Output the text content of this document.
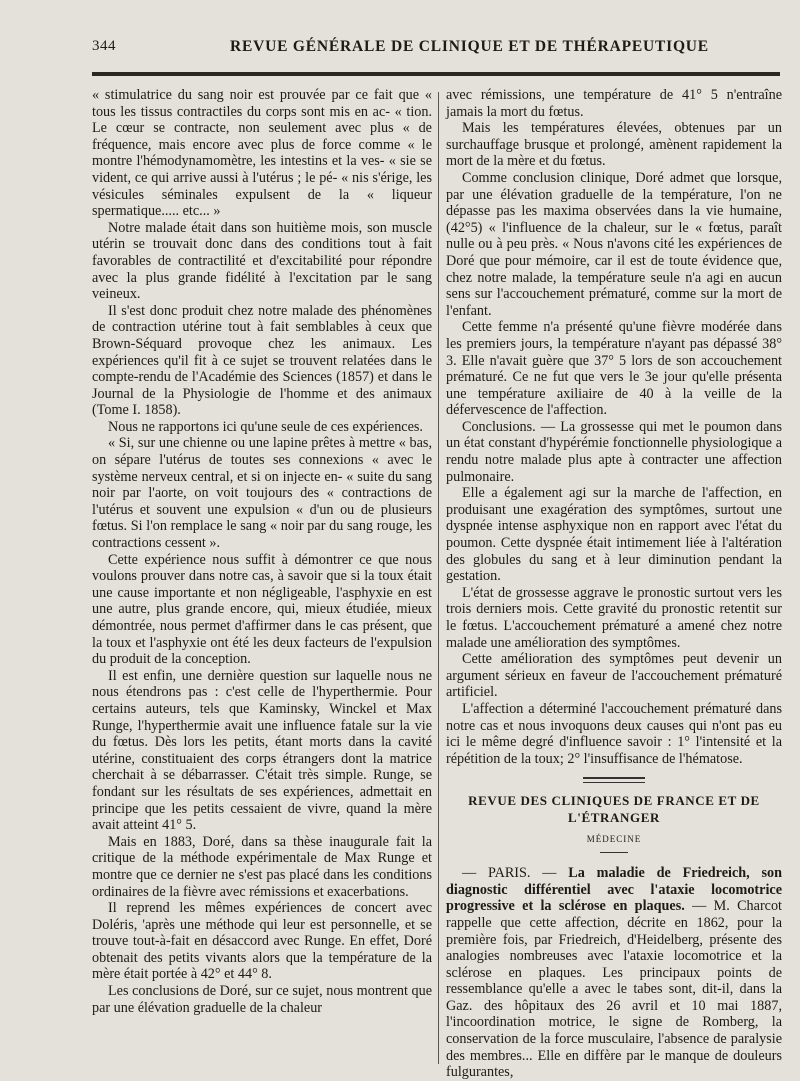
344	REVUE GÉNÉRALE DE CLINIQUE ET DE THÉRAPEUTIQUE

« stimulatrice du sang noir est prouvée par ce fait que « tous les tissus contractiles du corps sont mis en ac- « tion. Le cœur se contracte, non seulement avec plus « de fréquence, mais encore avec plus de force comme « le montre l'hémodynamomètre, les intestins et la ves- « sie se vident, ce qui arrive aussi à l'utérus ; le pé- « nis s'érige, les vésicules séminales expulsent de la « liqueur spermatique..... etc... »

Notre malade était dans son huitième mois, son muscle utérin se trouvait donc dans des conditions tout à fait favorables de contractilité et d'excitabilité pour répondre avec la plus grande fidélité à l'excitation par le sang veineux.

Il s'est donc produit chez notre malade des phénomènes de contraction utérine tout à fait semblables à ceux que Brown-Séquard provoque chez les animaux. Les expériences qu'il fit à ce sujet se trouvent relatées dans le compte-rendu de l'Académie des Sciences (1857) et dans le Journal de la Physiologie de l'homme et des animaux (Tome I. 1858).

Nous ne rapportons ici qu'une seule de ces expériences.

« Si, sur une chienne ou une lapine prêtes à mettre « bas, on sépare l'utérus de toutes ses connexions « avec le système nerveux central, et si on injecte en- « suite du sang noir par l'aorte, on voit toujours des « contractions de l'utérus et souvent une expulsion « d'un ou de plusieurs fœtus. Si l'on remplace le sang « noir par du sang rouge, les contractions cessent ».

Cette expérience nous suffit à démontrer ce que nous voulons prouver dans notre cas, à savoir que si la toux était une cause importante et non négligeable, l'asphyxie en est une autre, plus grande encore, qui, mieux étudiée, mieux démontrée, nous permet d'affirmer dans le cas présent, que la toux et l'asphyxie ont été les deux facteurs de l'expulsion du produit de la conception.

Il est enfin, une dernière question sur laquelle nous ne nous étendrons pas : c'est celle de l'hyperthermie. Pour certains auteurs, tels que Kaminsky, Winckel et Max Runge, l'hyperthermie avait une influence fatale sur la vie du fœtus. Dès lors les petits, étant morts dans la cavité utérine, constituaient des corps étrangers dont la matrice cherchait à se débarrasser. C'était très simple. Runge, se fondant sur les résultats de ses expériences, admettait en principe que les petits cessaient de vivre, quand la mère avait atteint 41° 5.

Mais en 1883, Doré, dans sa thèse inaugurale fait la critique de la méthode expérimentale de Max Runge et montre que ce dernier ne s'est pas placé dans les conditions ordinaires de la fièvre avec rémissions et exacerbations.

Il reprend les mêmes expériences de concert avec Doléris, 'après une méthode qui leur est personnelle, et se trouve tout-à-fait en désaccord avec Runge. En effet, Doré obtenait des petits vivants alors que la température de la mère était portée à 42° et 44° 8.

Les conclusions de Doré, sur ce sujet, nous montrent que par une élévation graduelle de la chaleur

avec rémissions, une température de 41° 5 n'entraîne jamais la mort du fœtus.

Mais les températures élevées, obtenues par un surchauffage brusque et prolongé, amènent rapidement la mort de la mère et du fœtus.

Comme conclusion clinique, Doré admet que lorsque, par une élévation graduelle de la température, l'on ne dépasse pas les maxima observées dans la vie humaine, (42°5) « l'influence de la chaleur, sur le « fœtus, paraît nulle ou à peu près. « Nous n'avons cité les expériences de Doré que pour mémoire, car il est de toute évidence que, chez notre malade, la température seule n'a agi en aucun sens sur l'accouchement prématuré, comme sur la mort de l'enfant.

Cette femme n'a présenté qu'une fièvre modérée dans les premiers jours, la température n'ayant pas dépassé 38° 3. Elle n'avait guère que 37° 5 lors de son accouchement prématuré. Ce ne fut que vers le 3e jour qu'elle présenta une température axiliaire de 40 à la veille de la défervescence de l'affection.

Conclusions. — La grossesse qui met le poumon dans un état constant d'hypérémie fonctionnelle physiologique a rendu notre malade plus apte à contracter une affection pulmonaire.

Elle a également agi sur la marche de l'affection, en produisant une exagération des symptômes, surtout une dyspnée intense asphyxique non en rapport avec l'état du poumon. Cette dyspnée était intimement liée à l'altération des globules du sang et à leur diminution pendant la gestation.

L'état de grossesse aggrave le pronostic surtout vers les trois derniers mois. Cette gravité du pronostic retentit sur le fœtus. L'accouchement prématuré a amené chez notre malade une amélioration des symptômes.

Cette amélioration des symptômes peut devenir un argument sérieux en faveur de l'accouchement prématuré artificiel.

L'affection a déterminé l'accouchement prématuré dans notre cas et nous invoquons deux causes qui n'ont pas eu ici le même degré d'influence savoir : 1° l'intensité et la répétition de la toux; 2° l'insuffisance de l'hématose.

REVUE DES CLINIQUES DE FRANCE ET DE L'ÉTRANGER

MÉDECINE

— PARIS. — La maladie de Friedreich, son diagnostic différentiel avec l'ataxie locomotrice progressive et la sclérose en plaques. — M. Charcot rappelle que cette affection, décrite en 1862, pour la première fois, par Friedreich, d'Heidelberg, présente des analogies nombreuses avec l'ataxie locomotrice et la sclérose en plaques. Les principaux points de ressemblance qu'elle a avec le tabes sont, dit-il, dans la Gaz. des hôpitaux des 26 avril et 10 mai 1887, l'incoordination motrice, le signe de Romberg, la conservation de la force musculaire, l'absence de paralysie des membres... Elle en diffère par le manque de douleurs fulgurantes,
